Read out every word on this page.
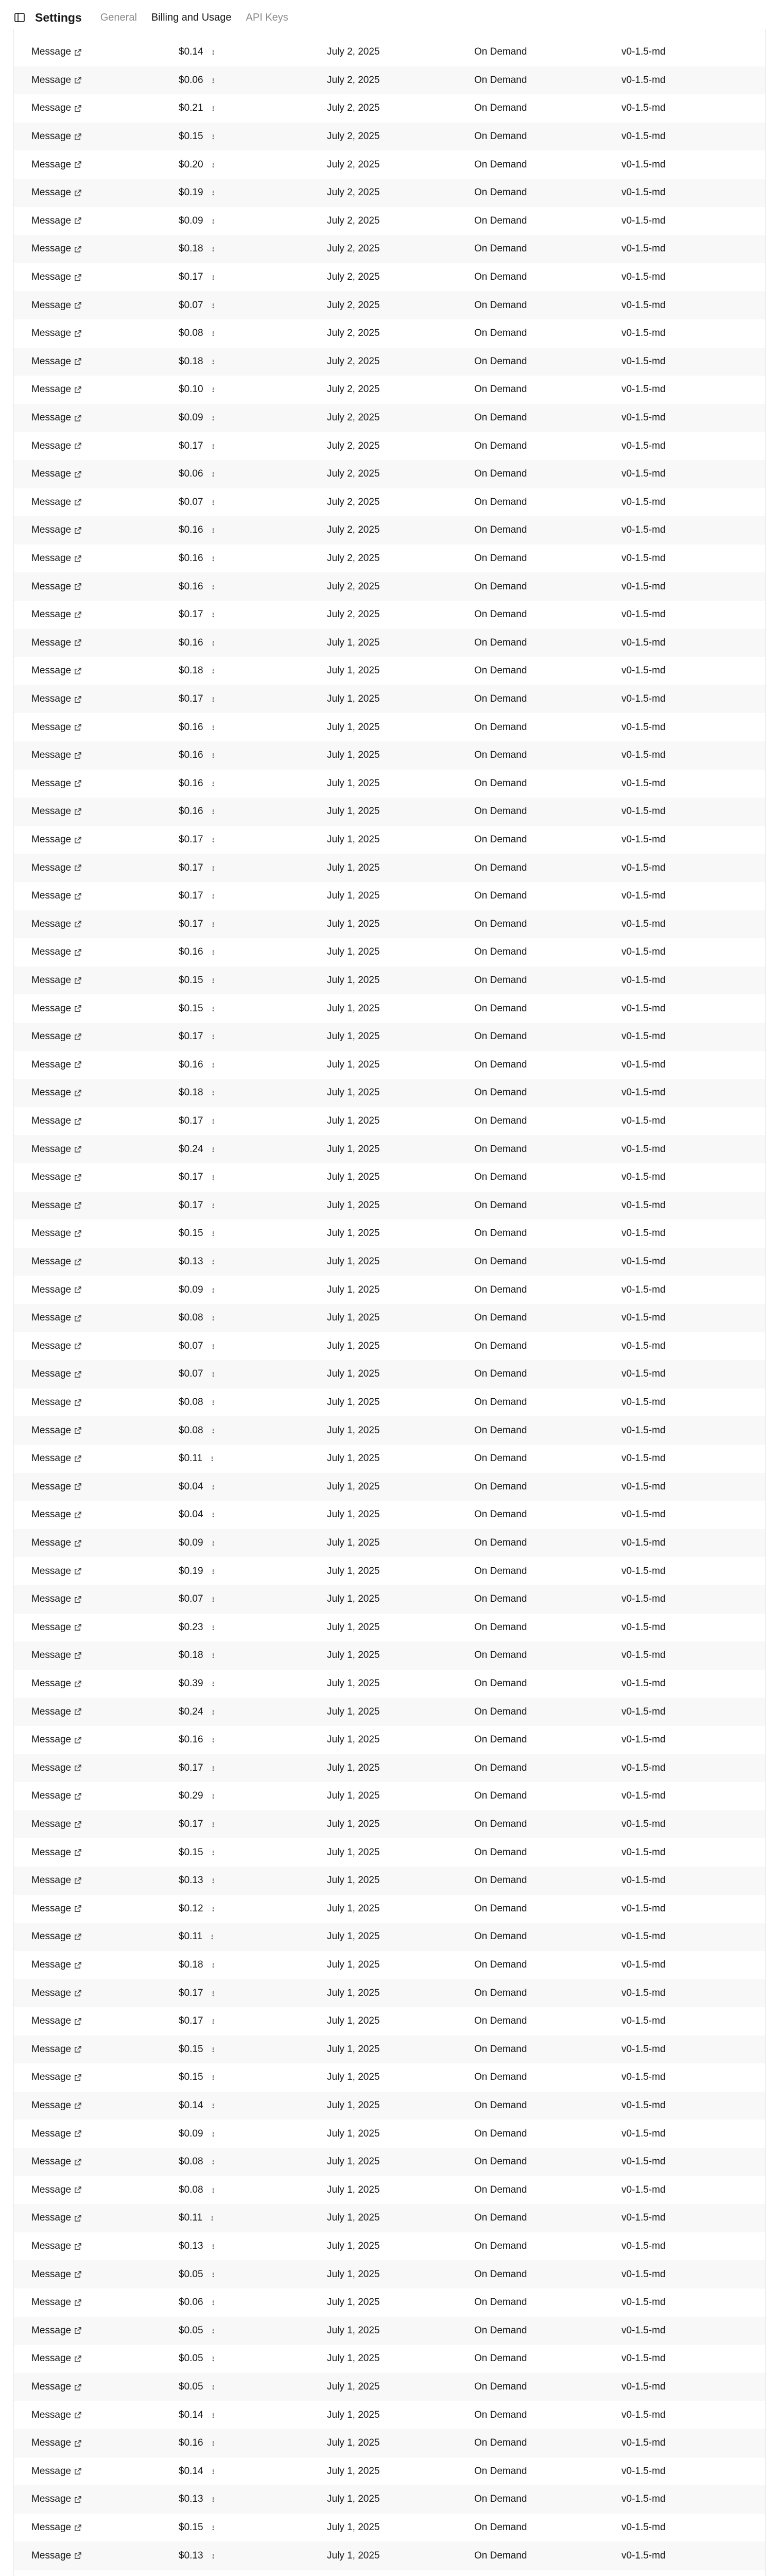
Settings General Billing and Usage API Keys
Message	$0.14	July 2, 2025	On Demand	v0-1.5-md
Message	$0.06	July 2, 2025	On Demand	v0-1.5-md
Message	$0.21	July 2, 2025	On Demand	v0-1.5-md
Message	$0.15	July 2, 2025	On Demand	v0-1.5-md
Message	$0.20	July 2, 2025	On Demand	v0-1.5-md
Message	$0.19	July 2, 2025	On Demand	v0-1.5-md
Message	$0.09	July 2, 2025	On Demand	v0-1.5-md
Message	$0.18	July 2, 2025	On Demand	v0-1.5-md
Message	$0.17	July 2, 2025	On Demand	v0-1.5-md
Message	$0.07	July 2, 2025	On Demand	v0-1.5-md
Message	$0.08	July 2, 2025	On Demand	v0-1.5-md
Message	$0.18	July 2, 2025	On Demand	v0-1.5-md
Message	$0.10	July 2, 2025	On Demand	v0-1.5-md
Message	$0.09	July 2, 2025	On Demand	v0-1.5-md
Message	$0.17	July 2, 2025	On Demand	v0-1.5-md
Message	$0.06	July 2, 2025	On Demand	v0-1.5-md
Message	$0.07	July 2, 2025	On Demand	v0-1.5-md
Message	$0.16	July 2, 2025	On Demand	v0-1.5-md
Message	$0.16	July 2, 2025	On Demand	v0-1.5-md
Message	$0.16	July 2, 2025	On Demand	v0-1.5-md
Message	$0.17	July 2, 2025	On Demand	v0-1.5-md
Message	$0.16	July 1, 2025	On Demand	v0-1.5-md
Message	$0.18	July 1, 2025	On Demand	v0-1.5-md
Message	$0.17	July 1, 2025	On Demand	v0-1.5-md
Message	$0.16	July 1, 2025	On Demand	v0-1.5-md
Message	$0.16	July 1, 2025	On Demand	v0-1.5-md
Message	$0.16	July 1, 2025	On Demand	v0-1.5-md
Message	$0.16	July 1, 2025	On Demand	v0-1.5-md
Message	$0.17	July 1, 2025	On Demand	v0-1.5-md
Message	$0.17	July 1, 2025	On Demand	v0-1.5-md
Message	$0.17	July 1, 2025	On Demand	v0-1.5-md
Message	$0.17	July 1, 2025	On Demand	v0-1.5-md
Message	$0.16	July 1, 2025	On Demand	v0-1.5-md
Message	$0.15	July 1, 2025	On Demand	v0-1.5-md
Message	$0.15	July 1, 2025	On Demand	v0-1.5-md
Message	$0.17	July 1, 2025	On Demand	v0-1.5-md
Message	$0.16	July 1, 2025	On Demand	v0-1.5-md
Message	$0.18	July 1, 2025	On Demand	v0-1.5-md
Message	$0.17	July 1, 2025	On Demand	v0-1.5-md
Message	$0.24	July 1, 2025	On Demand	v0-1.5-md
Message	$0.17	July 1, 2025	On Demand	v0-1.5-md
Message	$0.17	July 1, 2025	On Demand	v0-1.5-md
Message	$0.15	July 1, 2025	On Demand	v0-1.5-md
Message	$0.13	July 1, 2025	On Demand	v0-1.5-md
Message	$0.09	July 1, 2025	On Demand	v0-1.5-md
Message	$0.08	July 1, 2025	On Demand	v0-1.5-md
Message	$0.07	July 1, 2025	On Demand	v0-1.5-md
Message	$0.07	July 1, 2025	On Demand	v0-1.5-md
Message	$0.08	July 1, 2025	On Demand	v0-1.5-md
Message	$0.08	July 1, 2025	On Demand	v0-1.5-md
Message	$0.11	July 1, 2025	On Demand	v0-1.5-md
Message	$0.04	July 1, 2025	On Demand	v0-1.5-md
Message	$0.04	July 1, 2025	On Demand	v0-1.5-md
Message	$0.09	July 1, 2025	On Demand	v0-1.5-md
Message	$0.19	July 1, 2025	On Demand	v0-1.5-md
Message	$0.07	July 1, 2025	On Demand	v0-1.5-md
Message	$0.23	July 1, 2025	On Demand	v0-1.5-md
Message	$0.18	July 1, 2025	On Demand	v0-1.5-md
Message	$0.39	July 1, 2025	On Demand	v0-1.5-md
Message	$0.24	July 1, 2025	On Demand	v0-1.5-md
Message	$0.16	July 1, 2025	On Demand	v0-1.5-md
Message	$0.17	July 1, 2025	On Demand	v0-1.5-md
Message	$0.29	July 1, 2025	On Demand	v0-1.5-md
Message	$0.17	July 1, 2025	On Demand	v0-1.5-md
Message	$0.15	July 1, 2025	On Demand	v0-1.5-md
Message	$0.13	July 1, 2025	On Demand	v0-1.5-md
Message	$0.12	July 1, 2025	On Demand	v0-1.5-md
Message	$0.11	July 1, 2025	On Demand	v0-1.5-md
Message	$0.18	July 1, 2025	On Demand	v0-1.5-md
Message	$0.17	July 1, 2025	On Demand	v0-1.5-md
Message	$0.17	July 1, 2025	On Demand	v0-1.5-md
Message	$0.15	July 1, 2025	On Demand	v0-1.5-md
Message	$0.15	July 1, 2025	On Demand	v0-1.5-md
Message	$0.14	July 1, 2025	On Demand	v0-1.5-md
Message	$0.09	July 1, 2025	On Demand	v0-1.5-md
Message	$0.08	July 1, 2025	On Demand	v0-1.5-md
Message	$0.08	July 1, 2025	On Demand	v0-1.5-md
Message	$0.11	July 1, 2025	On Demand	v0-1.5-md
Message	$0.13	July 1, 2025	On Demand	v0-1.5-md
Message	$0.05	July 1, 2025	On Demand	v0-1.5-md
Message	$0.06	July 1, 2025	On Demand	v0-1.5-md
Message	$0.05	July 1, 2025	On Demand	v0-1.5-md
Message	$0.05	July 1, 2025	On Demand	v0-1.5-md
Message	$0.05	July 1, 2025	On Demand	v0-1.5-md
Message	$0.14	July 1, 2025	On Demand	v0-1.5-md
Message	$0.16	July 1, 2025	On Demand	v0-1.5-md
Message	$0.14	July 1, 2025	On Demand	v0-1.5-md
Message	$0.13	July 1, 2025	On Demand	v0-1.5-md
Message	$0.15	July 1, 2025	On Demand	v0-1.5-md
Message	$0.13	July 1, 2025	On Demand	v0-1.5-md
